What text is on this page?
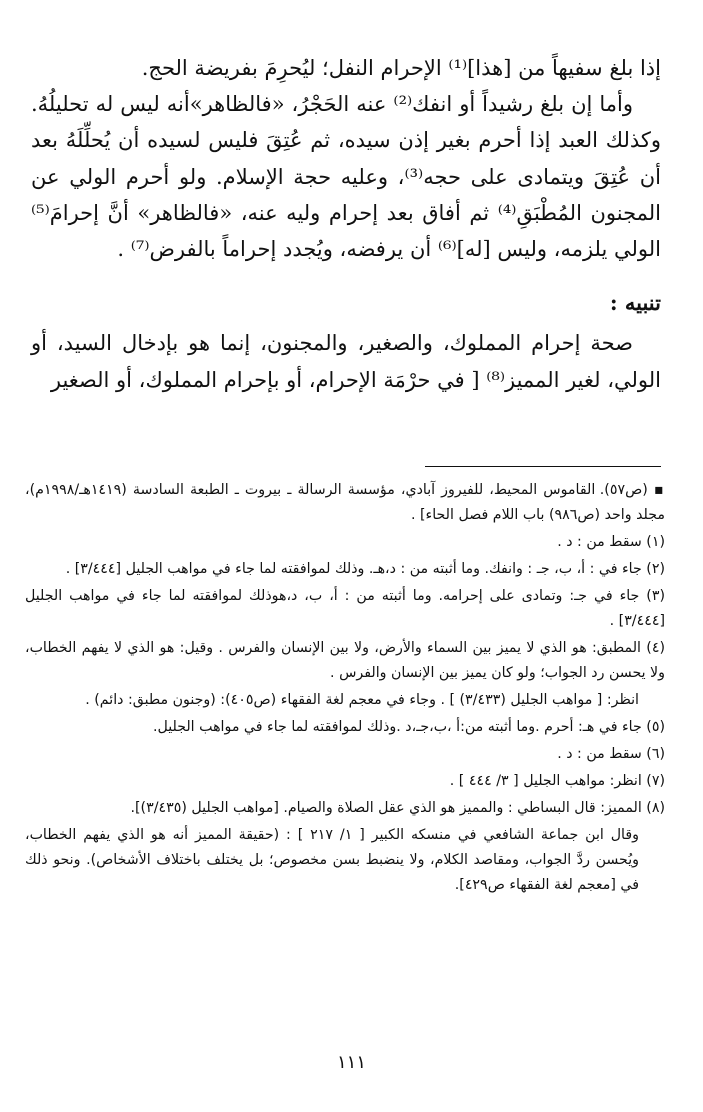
إذا بلغ سفيهاً من [هذا]⁽¹⁾ الإحرام النفل؛ ليُحرِمَ بفريضة الحج.

وأما إن بلغ رشيداً أو انفك⁽²⁾ عنه الحَجْرُ، «فالظاهر»أنه ليس له تحليلُهُ. وكذلك العبد إذا أحرم بغير إذن سيده، ثم عُتِقَ فليس لسيده أن يُحلِّلَهُ بعد أن عُتِقَ ويتمادى على حجه⁽³⁾، وعليه حجة الإسلام. ولو أحرم الولي عن المجنون المُطْبَقِ⁽⁴⁾ ثم أفاق بعد إحرام وليه عنه، «فالظاهر» أنَّ إحرامَ⁽⁵⁾ الولي يلزمه، وليس [له]⁽⁶⁾ أن يرفضه، ويُجدد إحراماً بالفرض⁽⁷⁾ .

تنبيه :

صحة إحرام المملوك، والصغير، والمجنون، إنما هو بإدخال السيد، أو الولي، لغير المميز⁽⁸⁾ [ في حرْمَة الإحرام، أو بإحرام المملوك، أو الصغير

▪ (ص٥٧). القاموس المحيط، للفيروز آبادي، مؤسسة الرسالة ـ بيروت ـ الطبعة السادسة (١٤١٩هـ/١٩٩٨م)، مجلد واحد (ص٩٨٦) باب اللام فصل الحاء] .

(١) سقط من : د .

(٢) جاء في : أ، ب، جـ : وانفك. وما أثبته من : د،هـ. وذلك لموافقته لما جاء في مواهب الجليل [٣/٤٤٤] .

(٣) جاء في جـ: وتمادى على إحرامه. وما أثبته من : أ، ب، د،هوذلك لموافقته لما جاء في مواهب الجليل [٣/٤٤٤] .

(٤) المطبق: هو الذي لا يميز بين السماء والأرض، ولا بين الإنسان والفرس . وقيل: هو الذي لا يفهم الخطاب، ولا يحسن رد الجواب؛ ولو كان يميز بين الإنسان والفرس .

انظر: [ مواهب الجليل (٣/٤٣٣) ] . وجاء في معجم لغة الفقهاء (ص٤٠٥): (وجنون مطبق: دائم) .

(٥) جاء في هـ: أحرم .وما أثبته من:أ ،ب،جـ،د .وذلك لموافقته لما جاء في مواهب الجليل.

(٦) سقط من : د .

(٧) انظر: مواهب الجليل [ ٣/ ٤٤٤ ] .

(٨) المميز: قال البساطي : والمميز هو الذي عقل الصلاة والصيام. [مواهب الجليل (٣/٤٣٥)].

وقال ابن جماعة الشافعي في منسكه الكبير [ ١/ ٢١٧ ] : (حقيقة المميز أنه هو الذي يفهم الخطاب، ويُحسن ردَّ الجواب، ومقاصد الكلام، ولا ينضبط بسن مخصوص؛ بل يختلف باختلاف الأشخاص). ونحو ذلك في [معجم لغة الفقهاء ص٤٢٩].

١١١
